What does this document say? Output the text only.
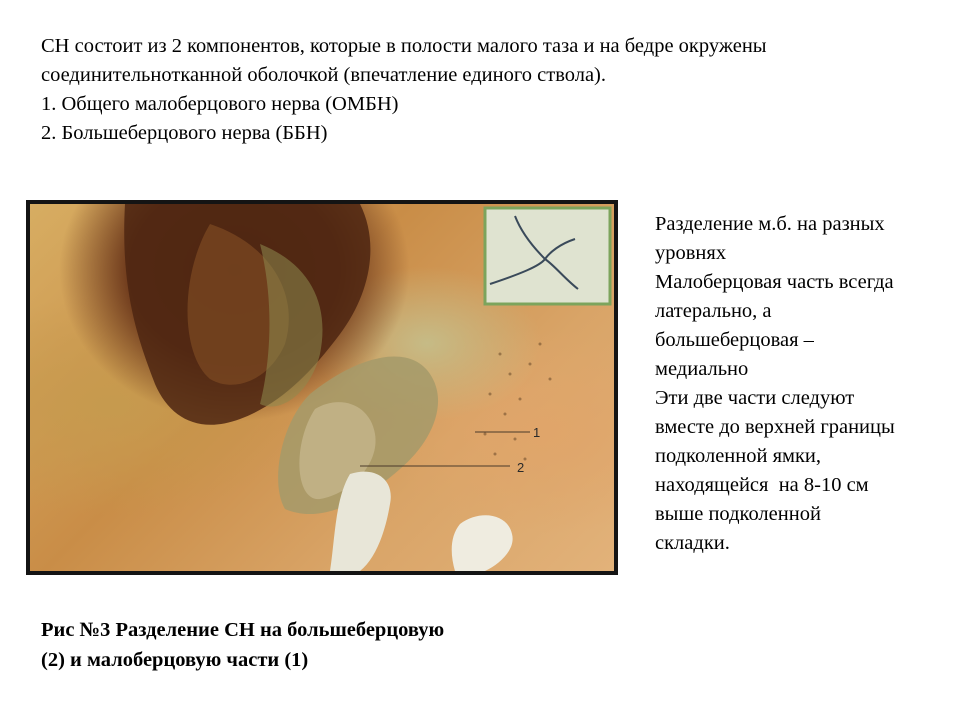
СН состоит из 2 компонентов, которые в полости малого таза и на бедре окружены
соединительнотканной оболочкой (впечатление единого ствола).
1. Общего малоберцового нерва (ОМБН)
2. Большеберцового нерва (ББН)
1
2
Разделение м.б. на разных
уровнях
Малоберцовая часть всегда
латерально, а
большеберцовая –
медиально
Эти две части следуют
вместе до верхней границы
подколенной ямки,
находящейся  на 8-10 см
выше подколенной
складки.
Рис №3 Разделение СН на большеберцовую
(2) и малоберцовую части (1)
